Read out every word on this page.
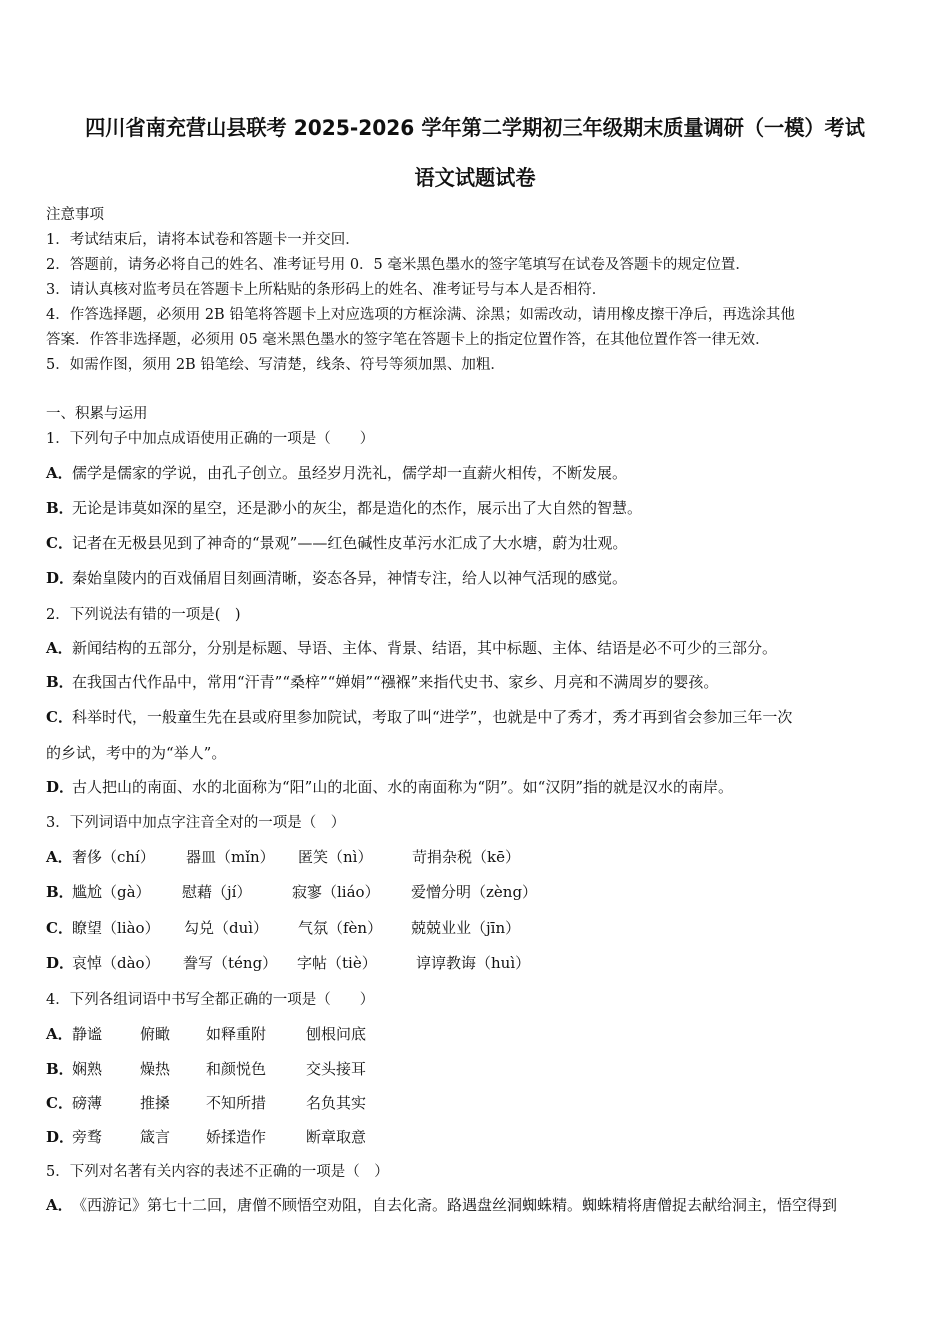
四川省南充营山县联考 2025-2026 学年第二学期初三年级期末质量调研（一模）考试
语文试题试卷
注意事项
1．考试结束后，请将本试卷和答题卡一并交回．
2．答题前，请务必将自己的姓名、准考证号用 0．5 毫米黑色墨水的签字笔填写在试卷及答题卡的规定位置．
3．请认真核对监考员在答题卡上所粘贴的条形码上的姓名、准考证号与本人是否相符．
4．作答选择题，必须用 2B 铅笔将答题卡上对应选项的方框涂满、涂黑；如需改动，请用橡皮擦干净后，再选涂其他
答案．作答非选择题，必须用 05 毫米黑色墨水的签字笔在答题卡上的指定位置作答，在其他位置作答一律无效．
5．如需作图，须用 2B 铅笔绘、写清楚，线条、符号等须加黑、加粗．
一、积累与运用
1．下列句子中加点成语使用正确的一项是（　　）
A．儒学是儒家的学说，由孔子创立。虽经岁月洗礼，儒学却一直薪火相传，不断发展。
B．无论是讳莫如深的星空，还是渺小的灰尘，都是造化的杰作，展示出了大自然的智慧。
C．记者在无极县见到了神奇的“景观”——红色碱性皮革污水汇成了大水塘，蔚为壮观。
D．秦始皇陵内的百戏俑眉目刻画清晰，姿态各异，神情专注，给人以神气活现的感觉。
2．下列说法有错的一项是(　)
A．新闻结构的五部分，分别是标题、导语、主体、背景、结语，其中标题、主体、结语是必不可少的三部分。
B．在我国古代作品中，常用“汗青”“桑梓”“婵娟”“襁褓”来指代史书、家乡、月亮和不满周岁的婴孩。
C．科举时代，一般童生先在县或府里参加院试，考取了叫“进学”，也就是中了秀才，秀才再到省会参加三年一次
的乡试，考中的为“举人”。
D．古人把山的南面、水的北面称为“阳”山的北面、水的南面称为“阴”。如“汉阴”指的就是汉水的南岸。
3．下列词语中加点字注音全对的一项是（　）
A．奢侈（chí） 器皿（mǐn） 匿笑（nì）	苛捐杂税（kē）
B．尴尬（gà） 慰藉（jí）	寂寥（liáo） 爱憎分明（zèng）
C．瞭望（liào） 勾兑（duì） 气氛（fèn） 兢兢业业（jīn）
D．哀悼（dào） 誊写（téng） 字帖（tiè）	谆谆教诲（huì）
4．下列各组词语中书写全都正确的一项是（　　）
A．静谧	俯瞰 如释重附	刨根问底
B．娴熟	燥热 和颜悦色	交头接耳
C．磅薄	推搡 不知所措	名负其实
D．旁骛	箴言 娇揉造作	断章取意
5．下列对名著有关内容的表述不正确的一项是（　）
A．《西游记》第七十二回，唐僧不顾悟空劝阻，自去化斋。路遇盘丝洞蜘蛛精。蜘蛛精将唐僧捉去献给洞主，悟空得到
